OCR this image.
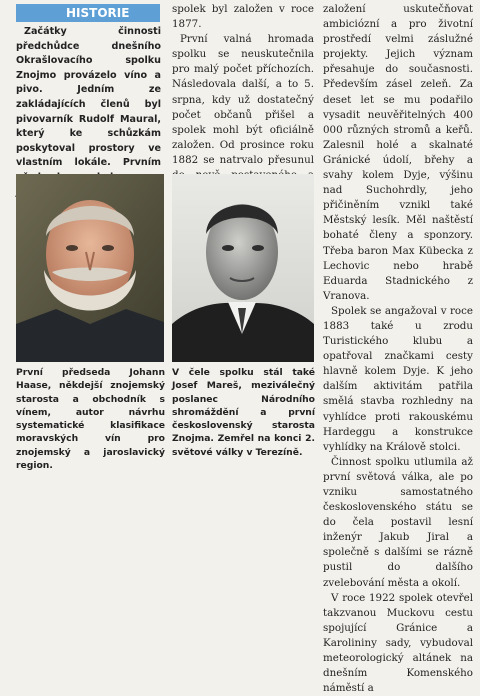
HISTORIE

Začátky činnosti předchůdce dnešního Okrašlovacího spolku Znojmo provázelo víno a pivo. Jedním ze zakládajících členů byl pivovarník Rudolf Maural, který ke schůzkám poskytoval prostory ve vlastním lokále. Prvním

spolek byl založen v roce 1877.

První valná hromada spolku se neuskutečnila pro malý počet příchozích. Následovala další, a to 5. srpna, kdy už dostatečný počet občanů přišel a spolek mohl být oficiálně založen. Od prosince roku 1882 se natrvalo přesunul

založení uskutečňovat ambiciózní a pro životní prostředí velmi záslužné projekty. Jejich význam přesahuje do současnosti. Především zásel zeleň. Za deset let se mu podařilo vysadit neuvěřitelných 400 000 různých stromů a keřů. Zalesnil holé a skalnaté Gránické údolí, břehy a svahy kolem Dyje, výšinu nad Suchohrdly, jeho přičiněním vznikl také Městský lesík. Měl naštěstí bohaté členy a sponzory. Třeba baron Max Kübecka z Lechovic nebo hrabě Eduarda Stadnického z Vranova.

Spolek se angažoval v roce 1883 také u zrodu Turistického klubu a opatřoval značkami cesty hlavně kolem Dyje. K jeho dalším aktivitám patřila smělá stavba rozhledny na vyhlídce proti rakouskému Hardeggu a konstrukce vyhlídky na Králově stolci.

Činnost spolku utlumila až první světová válka, ale po vzniku samostatného československého státu se do čela postavil lesní inženýr Jakub Jiral a společně s dalšími se rázně pustil do dalšího zvelebování města a okolí.

V roce 1922 spolek otevřel takzvanou Muckovu cestu spojující Gránice a Karolininy sady, vybudoval meteorologický altánek na dnešním Komenského náměstí a

První předseda Johann Haase, někdejší znojemský starosta a obchodník s vínem, autor návrhu systematické klasifikace moravských vín pro znojemský a jaroslavický region.

V čele spolku stál také Josef Mareš, meziválečný poslanec Národního shromáždění a první československý starosta Znojma. Zemřel na konci 2. světové války v Terezíně.
